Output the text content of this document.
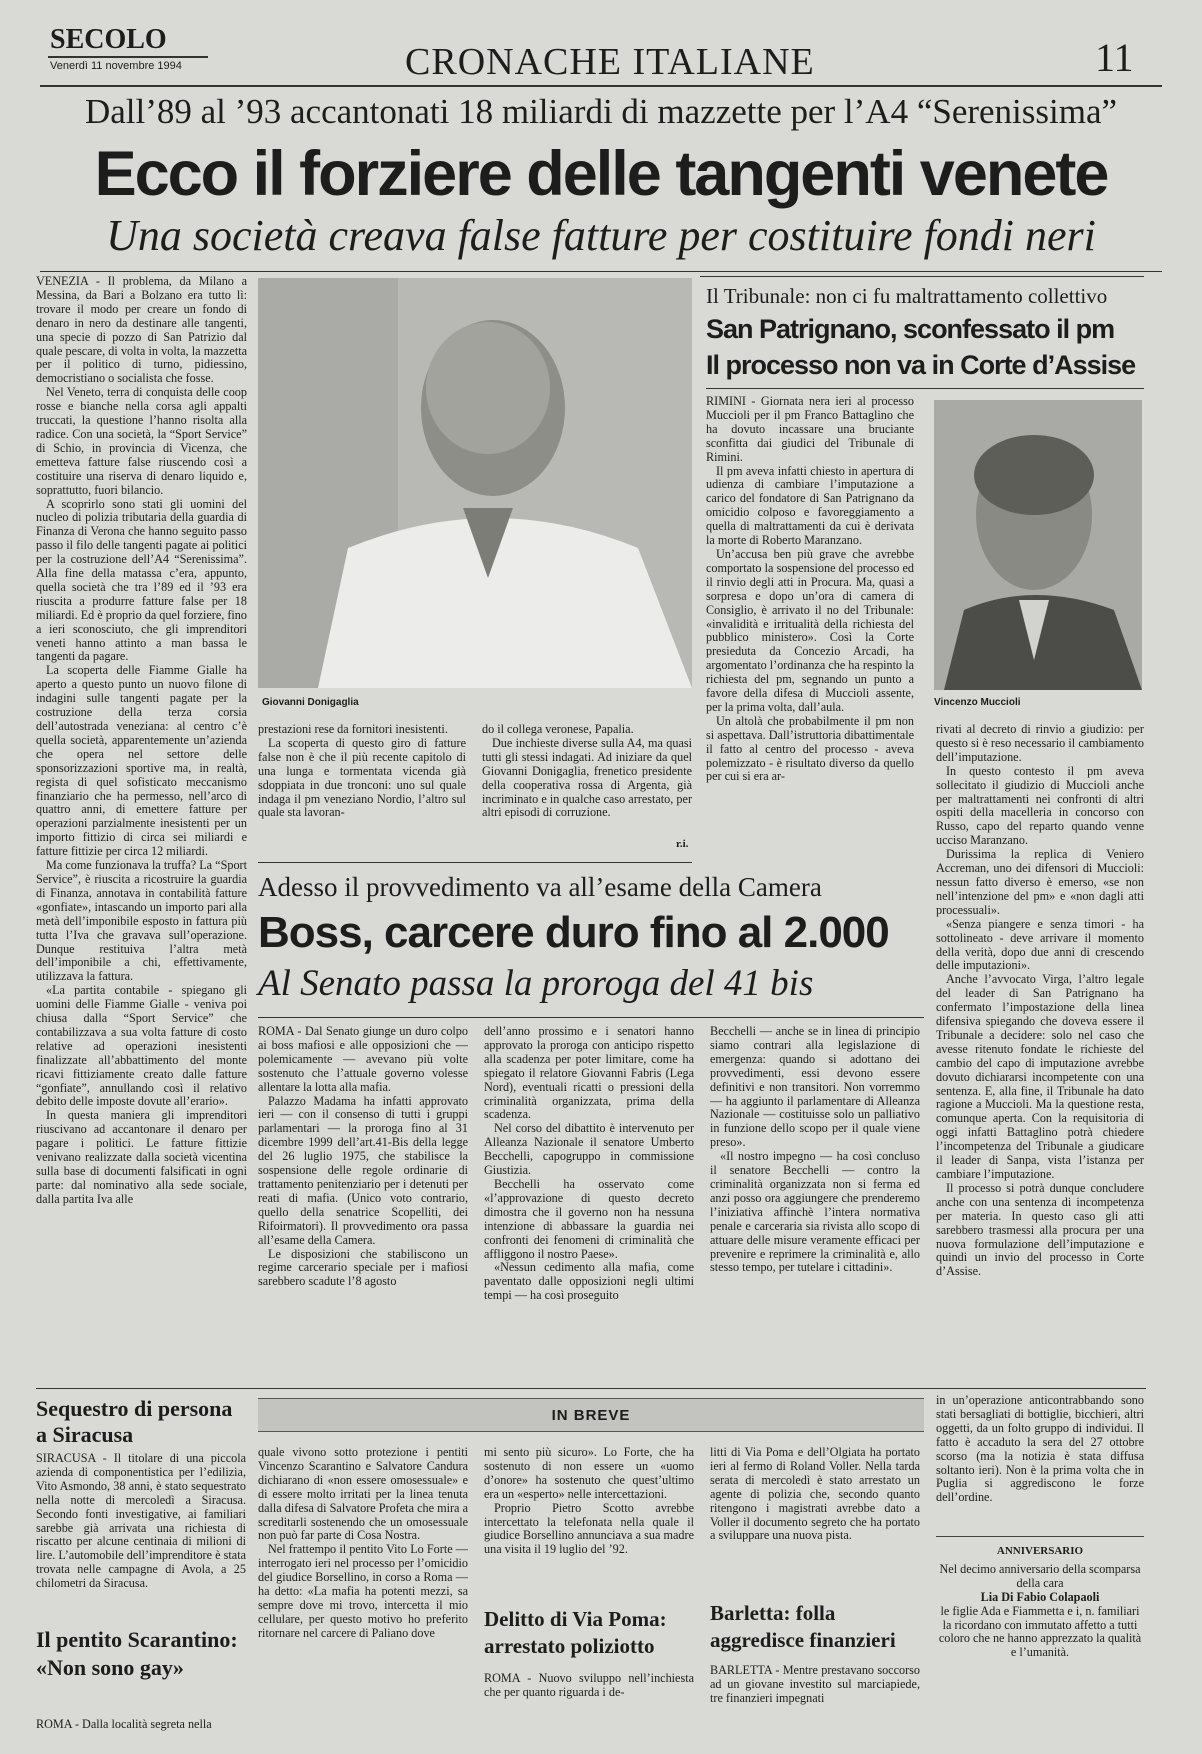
SECOLO
Venerdì 11 novembre 1994	CRONACHE ITALIANE	11
Dall’89 al ’93 accantonati 18 miliardi di mazzette per l’A4 “Serenissima”
Ecco il forziere delle tangenti venete
Una società creava false fatture per costituire fondi neri

VENEZIA - Il problema, da Milano a Messina, da Bari a Bolzano era tutto lì: trovare il modo per creare un fondo di denaro in nero da destinare alle tangenti, una specie di pozzo di San Patrizio dal quale pescare, di volta in volta, la mazzetta per il politico di turno, pidiessino, democristiano o socialista che fosse.

Nel Veneto, terra di conquista delle coop rosse e bianche nella corsa agli appalti truccati, la questione l’hanno risolta alla radice. Con una società, la “Sport Service” di Schio, in provincia di Vicenza, che emetteva fatture false riuscendo così a costituire una riserva di denaro liquido e, soprattutto, fuori bilancio.

A scoprirlo sono stati gli uomini del nucleo di polizia tributaria della guardia di Finanza di Verona che hanno seguito passo passo il filo delle tangenti pagate ai politici per la costruzione dell’A4 “Serenissima”. Alla fine della matassa c’era, appunto, quella società che tra l’89 ed il ’93 era riuscita a produrre fatture false per 18 miliardi. Ed è proprio da quel forziere, fino a ieri sconosciuto, che gli imprenditori veneti hanno attinto a man bassa le tangenti da pagare.

La scoperta delle Fiamme Gialle ha aperto a questo punto un nuovo filone di indagini sulle tangenti pagate per la costruzione della terza corsia dell’autostrada veneziana: al centro c’è quella società, apparentemente un’azienda che opera nel settore delle sponsorizzazioni sportive ma, in realtà, regista di quel sofisticato meccanismo finanziario che ha permesso, nell’arco di quattro anni, di emettere fatture per operazioni parzialmente inesistenti per un importo fittizio di circa sei miliardi e fatture fittizie per circa 12 miliardi.

Ma come funzionava la truffa? La “Sport Service”, è riuscita a ricostruire la guardia di Finanza, annotava in contabilità fatture «gonfiate», intascando un importo pari alla metà dell’imponibile esposto in fattura più tutta l’Iva che gravava sull’operazione. Dunque restituiva l’altra metà dell’imponibile a chi, effettivamente, utilizzava la fattura.

«La partita contabile - spiegano gli uomini delle Fiamme Gialle - veniva poi chiusa dalla “Sport Service” che contabilizzava a sua volta fatture di costo relative ad operazioni inesistenti finalizzate all’abbattimento del monte ricavi fittiziamente creato dalle fatture “gonfiate”, annullando così il relativo debito delle imposte dovute all’erario».

In questa maniera gli imprenditori riuscivano ad accantonare il denaro per pagare i politici. Le fatture fittizie venivano realizzate dalla società vicentina sulla base di documenti falsificati in ogni parte: dal nominativo alla sede sociale, dalla partita Iva alle

Giovanni Donigaglia

prestazioni rese da fornitori inesistenti.

La scoperta di questo giro di fatture false non è che il più recente capitolo di una lunga e tormentata vicenda già sdoppiata in due tronconi: uno sul quale indaga il pm veneziano Nordio, l’altro sul quale sta lavoran-

do il collega veronese, Papalia.

Due inchieste diverse sulla A4, ma quasi tutti gli stessi indagati. Ad iniziare da quel Giovanni Donigaglia, frenetico presidente della cooperativa rossa di Argenta, già incriminato e in qualche caso arrestato, per altri episodi di corruzione.

r.i.
Il Tribunale: non ci fu maltrattamento collettivo
San Patrignano, sconfessato il pm
Il processo non va in Corte d’Assise

RIMINI - Giornata nera ieri al processo Muccioli per il pm Franco Battaglino che ha dovuto incassare una bruciante sconfitta dai giudici del Tribunale di Rimini.

Il pm aveva infatti chiesto in apertura di udienza di cambiare l’imputazione a carico del fondatore di San Patrignano da omicidio colposo e favoreggiamento a quella di maltrattamenti da cui è derivata la morte di Roberto Maranzano.

Un’accusa ben più grave che avrebbe comportato la sospensione del processo ed il rinvio degli atti in Procura. Ma, quasi a sorpresa e dopo un’ora di camera di Consiglio, è arrivato il no del Tribunale: «invalidità e irritualità della richiesta del pubblico ministero». Così la Corte presieduta da Concezio Arcadi, ha argomentato l’ordinanza che ha respinto la richiesta del pm, segnando un punto a favore della difesa di Muccioli assente, per la prima volta, dall’aula.

Un altolà che probabilmente il pm non si aspettava. Dall’istruttoria dibattimentale il fatto al centro del processo - aveva polemizzato - è risultato diverso da quello per cui si era ar-

Vincenzo Muccioli

rivati al decreto di rinvio a giudizio: per questo si è reso necessario il cambiamento dell’imputazione.

In questo contesto il pm aveva sollecitato il giudizio di Muccioli anche per maltrattamenti nei confronti di altri ospiti della macelleria in concorso con Russo, capo del reparto quando venne ucciso Maranzano.

Durissima la replica di Veniero Accreman, uno dei difensori di Muccioli: nessun fatto diverso è emerso, «se non nell’intenzione del pm» e «non dagli atti processuali».

«Senza piangere e senza timori - ha sottolineato - deve arrivare il momento della verità, dopo due anni di crescendo delle imputazioni».

Anche l’avvocato Virga, l’altro legale del leader di San Patrignano ha confermato l’impostazione della linea difensiva spiegando che doveva essere il Tribunale a decidere: solo nel caso che avesse ritenuto fondate le richieste del cambio del capo di imputazione avrebbe dovuto dichiararsi incompetente con una sentenza. E, alla fine, il Tribunale ha dato ragione a Muccioli. Ma la questione resta, comunque aperta. Con la requisitoria di oggi infatti Battaglino potrà chiedere l’incompetenza del Tribunale a giudicare il leader di Sanpa, vista l’istanza per cambiare l’imputazione.

Il processo si potrà dunque concludere anche con una sentenza di incompetenza per materia. In questo caso gli atti sarebbero trasmessi alla procura per una nuova formulazione dell’imputazione e quindi un invio del processo in Corte d’Assise.

Adesso il provvedimento va all’esame della Camera
Boss, carcere duro fino al 2.000
Al Senato passa la proroga del 41 bis

ROMA - Dal Senato giunge un duro colpo ai boss mafiosi e alle opposizioni che — polemicamente — avevano più volte sostenuto che l’attuale governo volesse allentare la lotta alla mafia.

Palazzo Madama ha infatti approvato ieri — con il consenso di tutti i gruppi parlamentari — la proroga fino al 31 dicembre 1999 dell’art.41-Bis della legge del 26 luglio 1975, che stabilisce la sospensione delle regole ordinarie di trattamento penitenziario per i detenuti per reati di mafia. (Unico voto contrario, quello della senatrice Scopelliti, dei Rifoirmatori). Il provvedimento ora passa all’esame della Camera.

Le disposizioni che stabiliscono un regime carcerario speciale per i mafiosi sarebbero scadute l’8 agosto

dell’anno prossimo e i senatori hanno approvato la proroga con anticipo rispetto alla scadenza per poter limitare, come ha spiegato il relatore Giovanni Fabris (Lega Nord), eventuali ricatti o pressioni della criminalità organizzata, prima della scadenza.

Nel corso del dibattito è intervenuto per Alleanza Nazionale il senatore Umberto Becchelli, capogruppo in commissione Giustizia.

Becchelli ha osservato come «l’approvazione di questo decreto dimostra che il governo non ha nessuna intenzione di abbassare la guardia nei confronti dei fenomeni di criminalità che affliggono il nostro Paese».

«Nessun cedimento alla mafia, come paventato dalle opposizioni negli ultimi tempi — ha così proseguito

Becchelli — anche se in linea di principio siamo contrari alla legislazione di emergenza: quando si adottano dei provvedimenti, essi devono essere definitivi e non transitori. Non vorremmo — ha aggiunto il parlamentare di Alleanza Nazionale — costituisse solo un palliativo in funzione dello scopo per il quale viene preso».

«Il nostro impegno — ha così concluso il senatore Becchelli — contro la criminalità organizzata non si ferma ed anzi posso ora aggiungere che prenderemo l’iniziativa affinchè l’intera normativa penale e carceraria sia rivista allo scopo di attuare delle misure veramente efficaci per prevenire e reprimere la criminalità e, allo stesso tempo, per tutelare i cittadini».

Sequestro di persona a Siracusa
SIRACUSA - Il titolare di una piccola azienda di componentistica per l’edilizia, Vito Asmondo, 38 anni, è stato sequestrato nella notte di mercoledì a Siracusa. Secondo fonti investigative, ai familiari sarebbe già arrivata una richiesta di riscatto per alcune centinaia di milioni di lire. L’automobile dell’imprenditore è stata trovata nelle campagne di Avola, a 25 chilometri da Siracusa.
Il pentito Scarantino: «Non sono gay»
ROMA - Dalla località segreta nella
IN BREVE

quale vivono sotto protezione i pentiti Vincenzo Scarantino e Salvatore Candura dichiarano di «non essere omosessuale» e di essere molto irritati per la linea tenuta dalla difesa di Salvatore Profeta che mira a screditarli sostenendo che un omosessuale non può far parte di Cosa Nostra.

Nel frattempo il pentito Vito Lo Forte — interrogato ieri nel processo per l’omicidio del giudice Borsellino, in corso a Roma — ha detto: «La mafia ha potenti mezzi, sa sempre dove mi trovo, intercetta il mio cellulare, per questo motivo ho preferito ritornare nel carcere di Paliano dove

mi sento più sicuro». Lo Forte, che ha sostenuto di non essere un «uomo d’onore» ha sostenuto che quest’ultimo era un «esperto» nelle intercettazioni.

Proprio Pietro Scotto avrebbe intercettato la telefonata nella quale il giudice Borsellino annunciava a sua madre una visita il 19 luglio del ’92.

Delitto di Via Poma: arrestato poliziotto
ROMA - Nuovo sviluppo nell’inchiesta che per quanto riguarda i de-
litti di Via Poma e dell’Olgiata ha portato ieri al fermo di Roland Voller. Nella tarda serata di mercoledì è stato arrestato un agente di polizia che, secondo quanto ritengono i magistrati avrebbe dato a Voller il documento segreto che ha portato a sviluppare una nuova pista.
Barletta: folla aggredisce finanzieri
BARLETTA - Mentre prestavano soccorso ad un giovane investito sul marciapiede, tre finanzieri impegnati
in un’operazione anticontrabbando sono stati bersagliati di bottiglie, bicchieri, altri oggetti, da un folto gruppo di individui. Il fatto è accaduto la sera del 27 ottobre scorso (ma la notizia è stata diffusa soltanto ieri). Non è la prima volta che in Puglia si aggrediscono le forze dell’ordine.
ANNIVERSARIO
Nel decimo anniversario della scomparsa della cara
Lia Di Fabio Colapaoli
le figlie Ada e Fiammetta e i, n. familiari la ricordano con immutato affetto a tutti coloro che ne hanno apprezzato la qualità e l’umanità.
